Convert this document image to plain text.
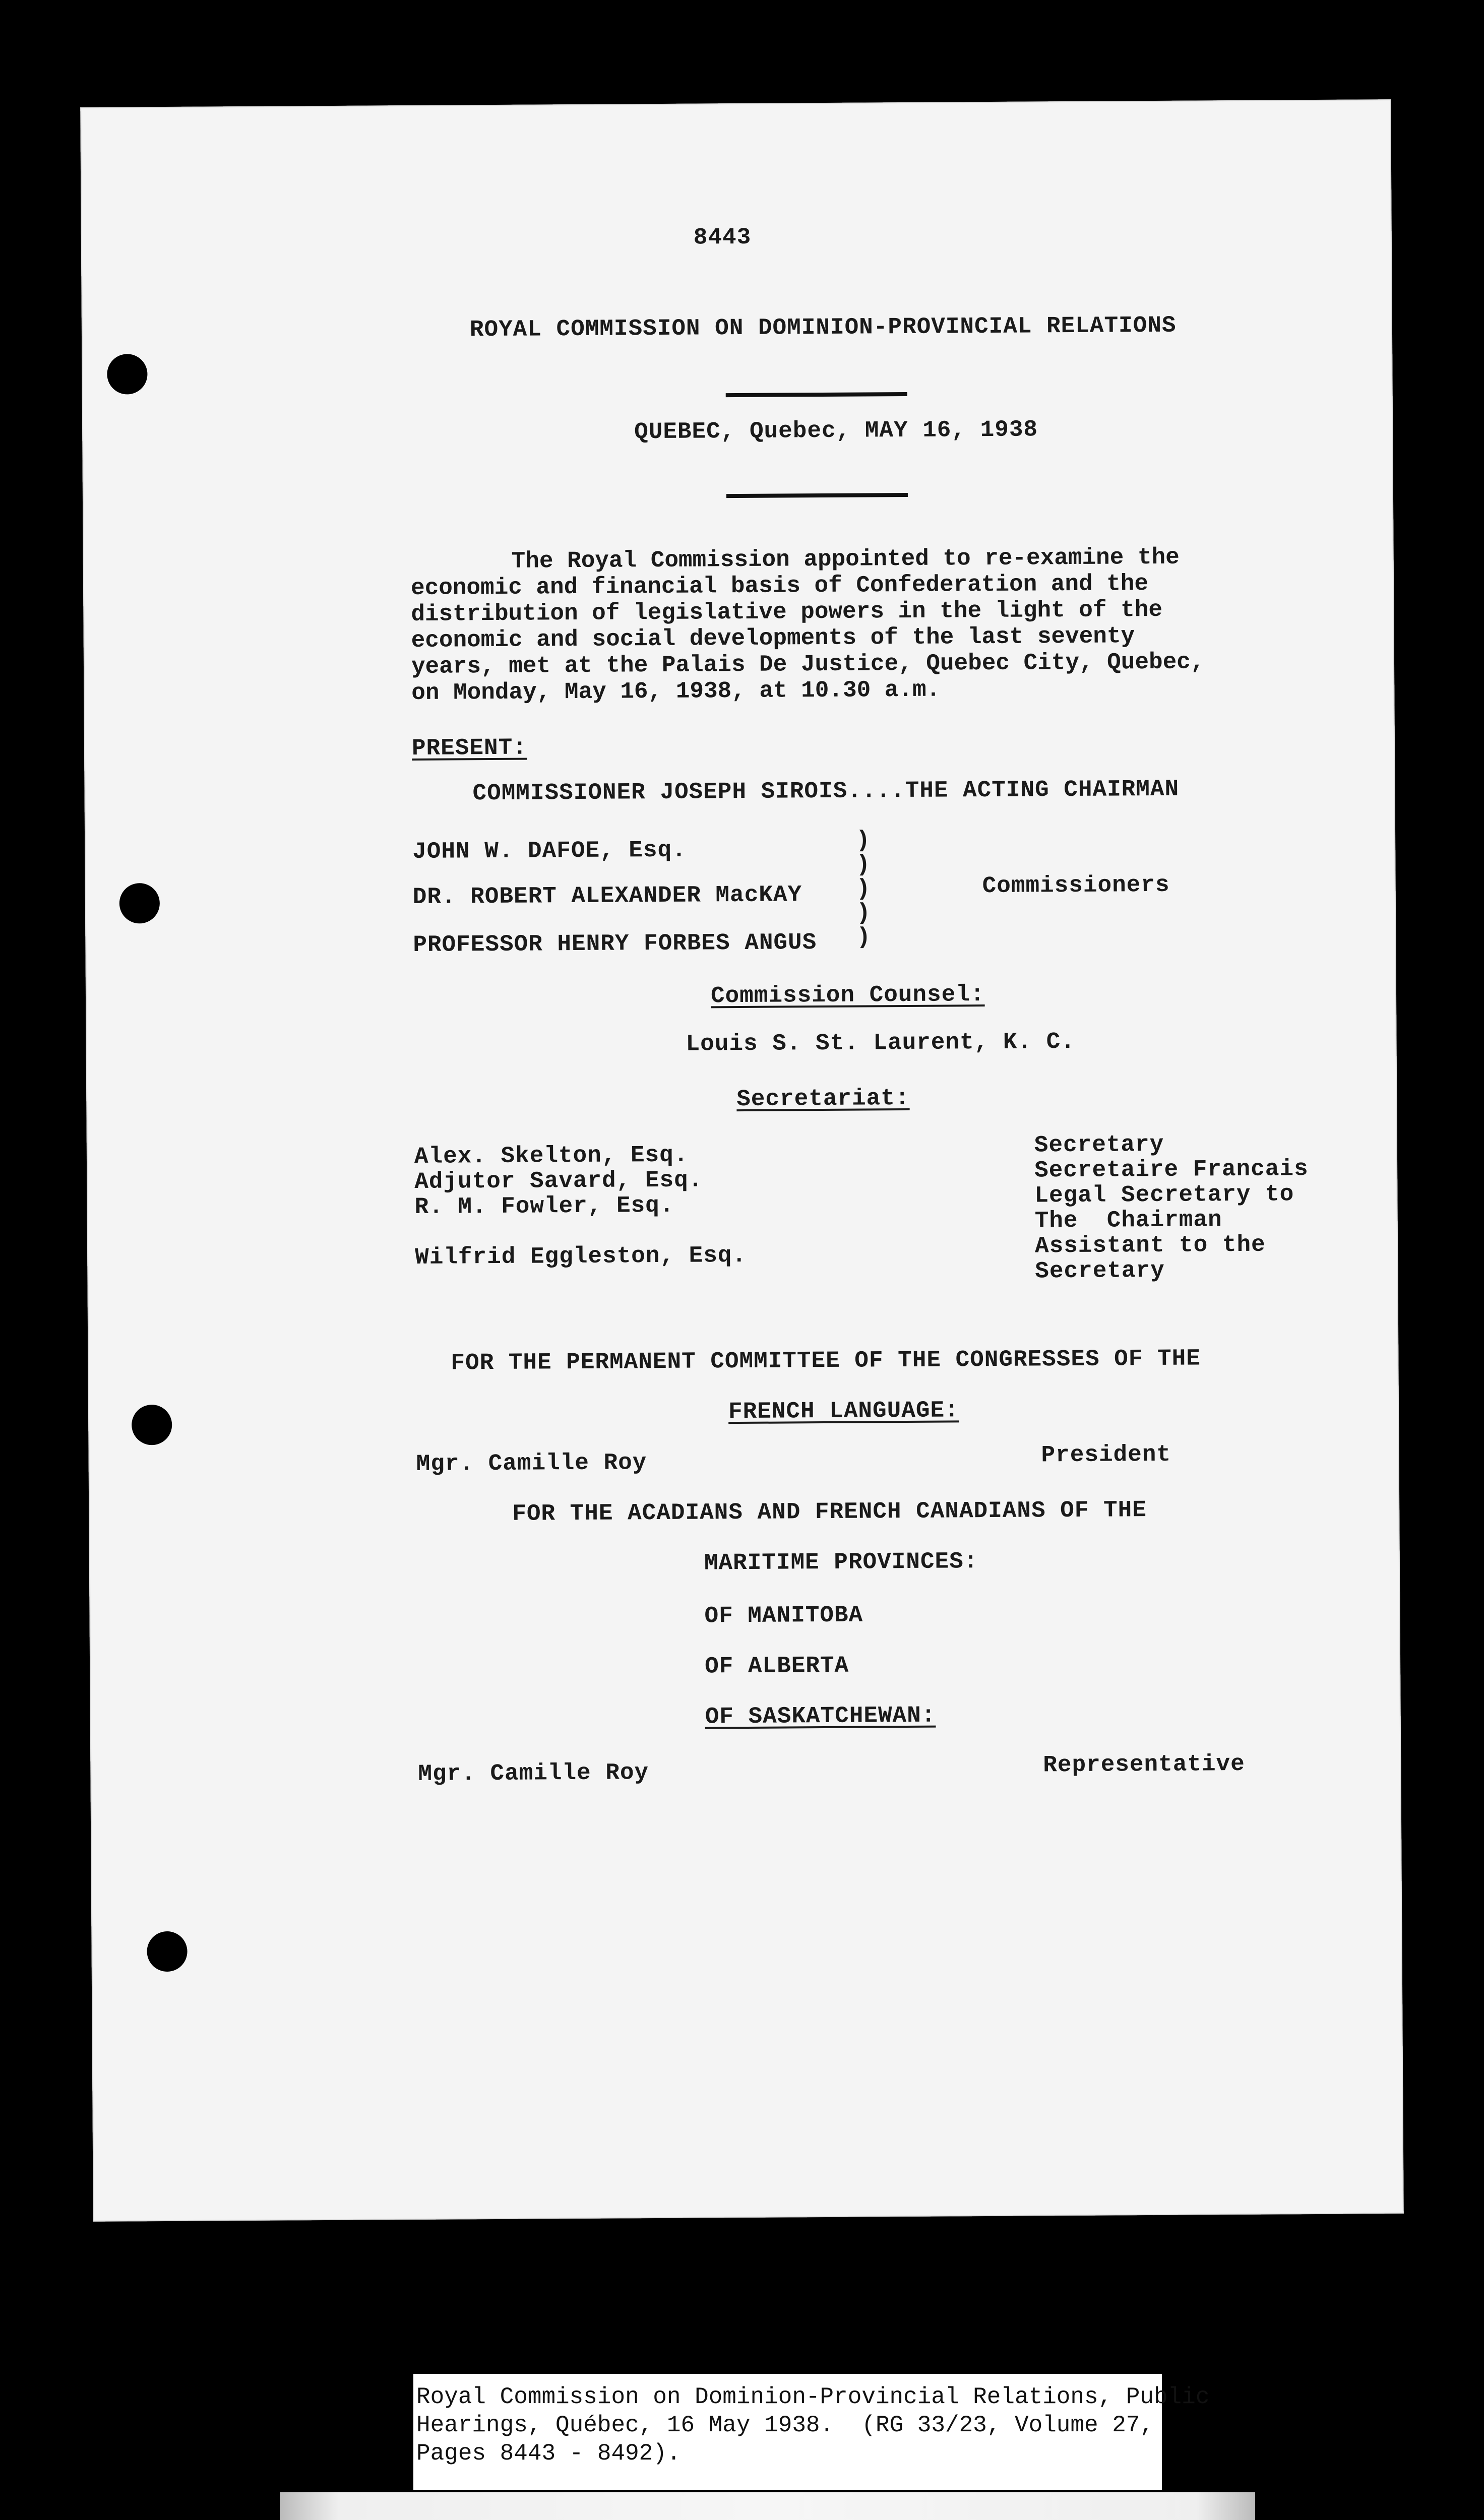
8443
ROYAL COMMISSION ON DOMINION-PROVINCIAL RELATIONS
QUEBEC, Quebec, MAY 16, 1938
The Royal Commission appointed to re-examine the
economic and financial basis of Confederation and the
distribution of legislative powers in the light of the
economic and social developments of the last seventy
years, met at the Palais De Justice, Quebec City, Quebec,
on Monday, May 16, 1938, at 10.30 a.m.
PRESENT:
COMMISSIONER JOSEPH SIROIS....THE ACTING CHAIRMAN
JOHN W. DAFOE, Esq.
DR. ROBERT ALEXANDER MacKAY
PROFESSOR HENRY FORBES ANGUS
)
)
)
)
)
Commissioners
Commission Counsel:
Louis S. St. Laurent, K. C.
Secretariat:
Alex. Skelton, Esq.
Adjutor Savard, Esq.
R. M. Fowler, Esq.
Wilfrid Eggleston, Esq.
Secretary
Secretaire Francais
Legal Secretary to
The  Chairman
Assistant to the
Secretary
FOR THE PERMANENT COMMITTEE OF THE CONGRESSES OF THE
FRENCH LANGUAGE:
Mgr. Camille Roy	President
FOR THE ACADIANS AND FRENCH CANADIANS OF THE
MARITIME PROVINCES:
OF MANITOBA
OF ALBERTA
OF SASKATCHEWAN:
Mgr. Camille Roy	Representative
Royal Commission on Dominion-Provincial Relations, Public
Hearings, Québec, 16 May 1938.  (RG 33/23, Volume 27,
Pages 8443 - 8492).
